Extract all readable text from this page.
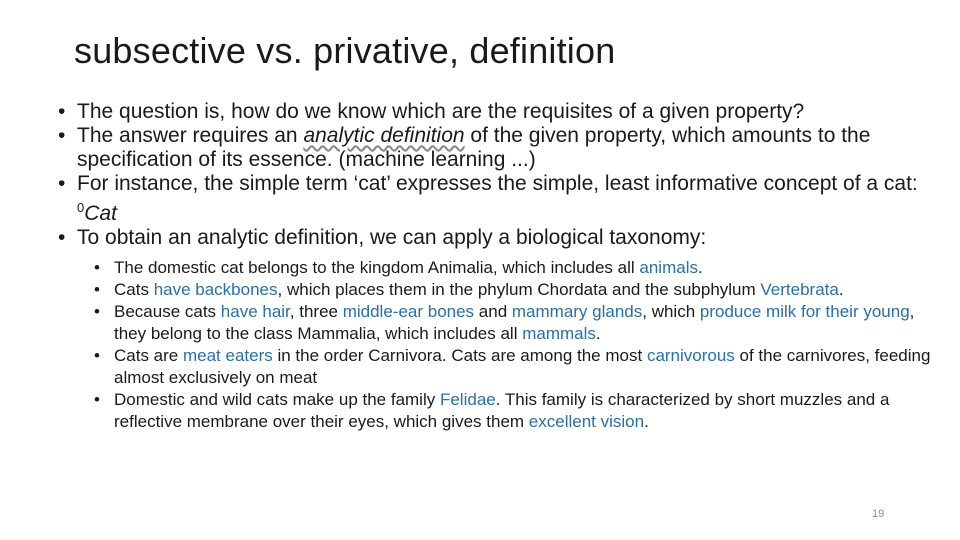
subsective vs. privative, definition
• The question is, how do we know which are the requisites of a given property?
• The answer requires an analytic definition of the given property, which amounts to the specification of its essence. (machine learning ...)
• For instance, the simple term ‘cat’ expresses the simple, least informative concept of a cat: $^0$Cat
• To obtain an analytic definition, we can apply a biological taxonomy:
• The domestic cat belongs to the kingdom Animalia, which includes all animals.
• Cats have backbones, which places them in the phylum Chordata and the subphylum Vertebrata.
• Because cats have hair, three middle-ear bones and mammary glands, which produce milk for their young, they belong to the class Mammalia, which includes all mammals.
• Cats are meat eaters in the order Carnivora. Cats are among the most carnivorous of the carnivores, feeding almost exclusively on meat
• Domestic and wild cats make up the family Felidae. This family is characterized by short muzzles and a reflective membrane over their eyes, which gives them excellent vision.
19
